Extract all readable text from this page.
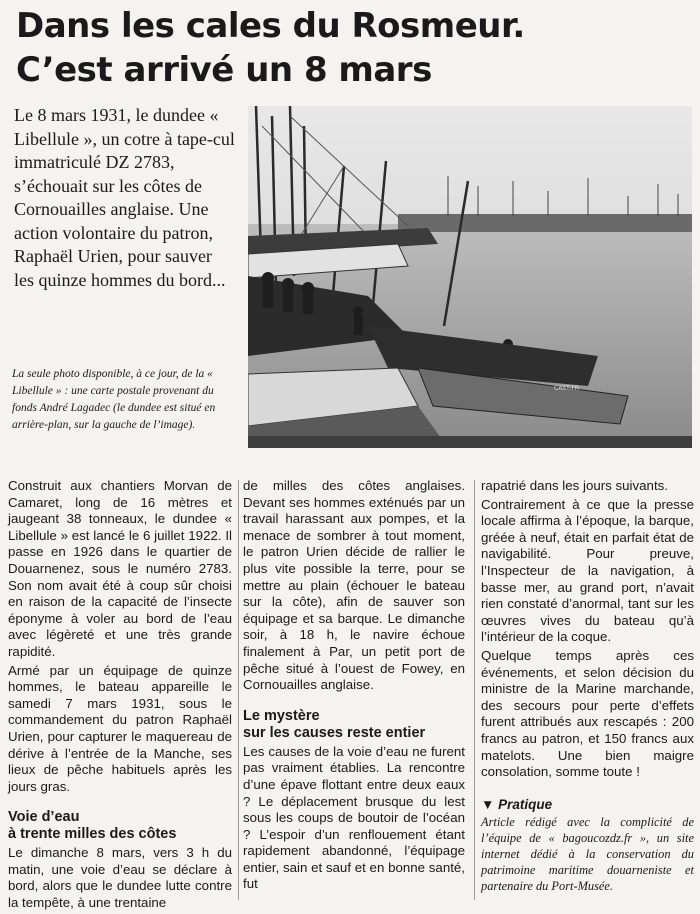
Dans les cales du Rosmeur.
C’est arrivé un 8 mars

Le 8 mars 1931, le dundee « Libellule », un cotre à tape-cul immatriculé DZ 2783, s’échouait sur les côtes de Cornouailles anglaise. Une action volontaire du patron, Raphaël Urien, pour sauver les quinze hommes du bord...

CAST-FR

La seule photo disponible, à ce jour, de la « Libellule » : une carte postale provenant du fonds André Lagadec (le dundee est situé en arrière-plan, sur la gauche de l’image).

Construit aux chantiers Morvan de Camaret, long de 16 mètres et jaugeant 38 tonneaux, le dundee « Libellule » est lancé le 6 juillet 1922. Il passe en 1926 dans le quartier de Douarnenez, sous le numéro 2783. Son nom avait été à coup sûr choisi en raison de la capacité de l’insecte éponyme à voler au bord de l’eau avec légèreté et une très grande rapidité.

Armé par un équipage de quinze hommes, le bateau appareille le samedi 7 mars 1931, sous le commandement du patron Raphaël Urien, pour capturer le maquereau de dérive à l’entrée de la Manche, ses lieux de pêche habituels après les jours gras.

Voie d’eau
à trente milles des côtes

Le dimanche 8 mars, vers 3 h du matin, une voie d’eau se déclare à bord, alors que le dundee lutte contre la tempête, à une trentaine

de milles des côtes anglaises. Devant ses hommes exténués par un travail harassant aux pompes, et la menace de sombrer à tout moment, le patron Urien décide de rallier le plus vite possible la terre, pour se mettre au plain (échouer le bateau sur la côte), afin de sauver son équipage et sa barque. Le dimanche soir, à 18 h, le navire échoue finalement à Par, un petit port de pêche situé à l’ouest de Fowey, en Cornouailles anglaise.

Le mystère
sur les causes reste entier

Les causes de la voie d’eau ne furent pas vraiment établies. La rencontre d’une épave flottant entre deux eaux ? Le déplacement brusque du lest sous les coups de boutoir de l’océan ? L’espoir d’un renflouement étant rapidement abandonné, l’équipage entier, sain et sauf et en bonne santé, fut

rapatrié dans les jours suivants.

Contrairement à ce que la presse locale affirma à l’époque, la barque, gréée à neuf, était en parfait état de navigabilité. Pour preuve, l’Inspecteur de la navigation, à basse mer, au grand port, n’avait rien constaté d’anormal, tant sur les œuvres vives du bateau qu’à l’intérieur de la coque.

Quelque temps après ces événements, et selon décision du ministre de la Marine marchande, des secours pour perte d’effets furent attribués aux rescapés : 200 francs au patron, et 150 francs aux matelots. Une bien maigre consolation, somme toute !

▼ Pratique

Article rédigé avec la complicité de l’équipe de « bagoucozdz.fr », un site internet dédié à la conservation du patrimoine maritime douarneniste et partenaire du Port-Musée.
